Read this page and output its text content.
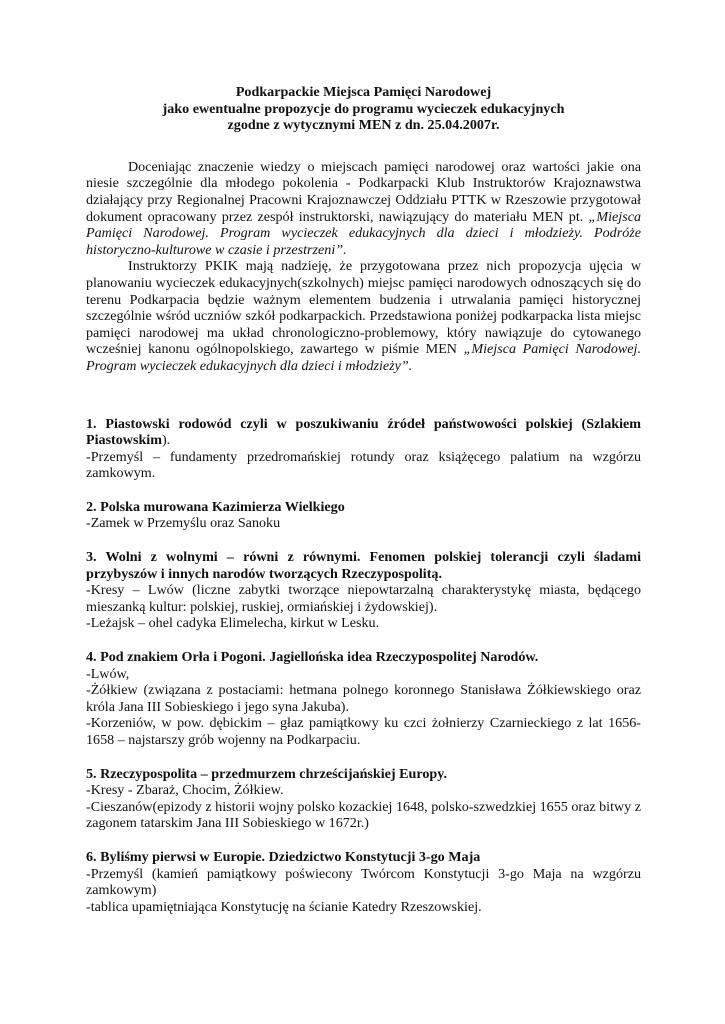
Podkarpackie Miejsca Pamięci Narodowej
jako ewentualne propozycje do programu wycieczek edukacyjnych
zgodne z wytycznymi MEN z dn. 25.04.2007r.

Doceniając znaczenie wiedzy o miejscach pamięci narodowej oraz wartości jakie ona niesie szczególnie dla młodego pokolenia - Podkarpacki Klub Instruktorów Krajoznawstwa działający przy Regionalnej Pracowni Krajoznawczej Oddziału PTTK w Rzeszowie przygotował dokument opracowany przez zespół instruktorski, nawiązujący do materiału MEN pt. „Miejsca Pamięci Narodowej. Program wycieczek edukacyjnych dla dzieci i młodzieży. Podróże historyczno-kulturowe w czasie i przestrzeni”.

Instruktorzy PKIK mają nadzieję, że przygotowana przez nich propozycja ujęcia w planowaniu wycieczek edukacyjnych(szkolnych) miejsc pamięci narodowych odnoszących się do terenu Podkarpacia będzie ważnym elementem budzenia i utrwalania pamięci historycznej szczególnie wśród uczniów szkół podkarpackich. Przedstawiona poniżej podkarpacka lista miejsc pamięci narodowej ma układ chronologiczno-problemowy, który nawiązuje do cytowanego wcześniej kanonu ogólnopolskiego, zawartego w piśmie MEN „Miejsca Pamięci Narodowej. Program wycieczek edukacyjnych dla dzieci i młodzieży”.

1. Piastowski rodowód czyli w poszukiwaniu źródeł państwowości polskiej (Szlakiem Piastowskim).
-Przemyśl – fundamenty przedromańskiej rotundy oraz książęcego palatium na wzgórzu zamkowym.
2. Polska murowana Kazimierza Wielkiego
-Zamek w Przemyślu oraz Sanoku
3. Wolni z wolnymi – równi z równymi. Fenomen polskiej tolerancji czyli śladami przybyszów i innych narodów tworzących Rzeczypospolitą.
-Kresy – Lwów (liczne zabytki tworzące niepowtarzalną charakterystykę miasta, będącego mieszanką kultur: polskiej, ruskiej, ormiańskiej i żydowskiej).
-Leżajsk – ohel cadyka Elimelecha, kirkut w Lesku.
4. Pod znakiem Orła i Pogoni. Jagiellońska idea Rzeczypospolitej Narodów.
-Lwów,
-Żółkiew (związana z postaciami: hetmana polnego koronnego Stanisława Żółkiewskiego oraz króla Jana III Sobieskiego i jego syna Jakuba).
-Korzeniów, w pow. dębickim – głaz pamiątkowy ku czci żołnierzy Czarnieckiego z lat 1656-1658 – najstarszy grób wojenny na Podkarpaciu.
5. Rzeczypospolita – przedmurzem chrześcijańskiej Europy.
-Kresy - Zbaraż, Chocim, Żółkiew.
-Cieszanów(epizody z historii wojny polsko kozackiej 1648, polsko-szwedzkiej 1655 oraz bitwy z zagonem tatarskim Jana III Sobieskiego w 1672r.)
6. Byliśmy pierwsi w Europie. Dziedzictwo Konstytucji 3-go Maja
-Przemyśl (kamień pamiątkowy poświecony Twórcom Konstytucji 3-go Maja na wzgórzu zamkowym)
-tablica upamiętniająca Konstytucję na ścianie Katedry Rzeszowskiej.
